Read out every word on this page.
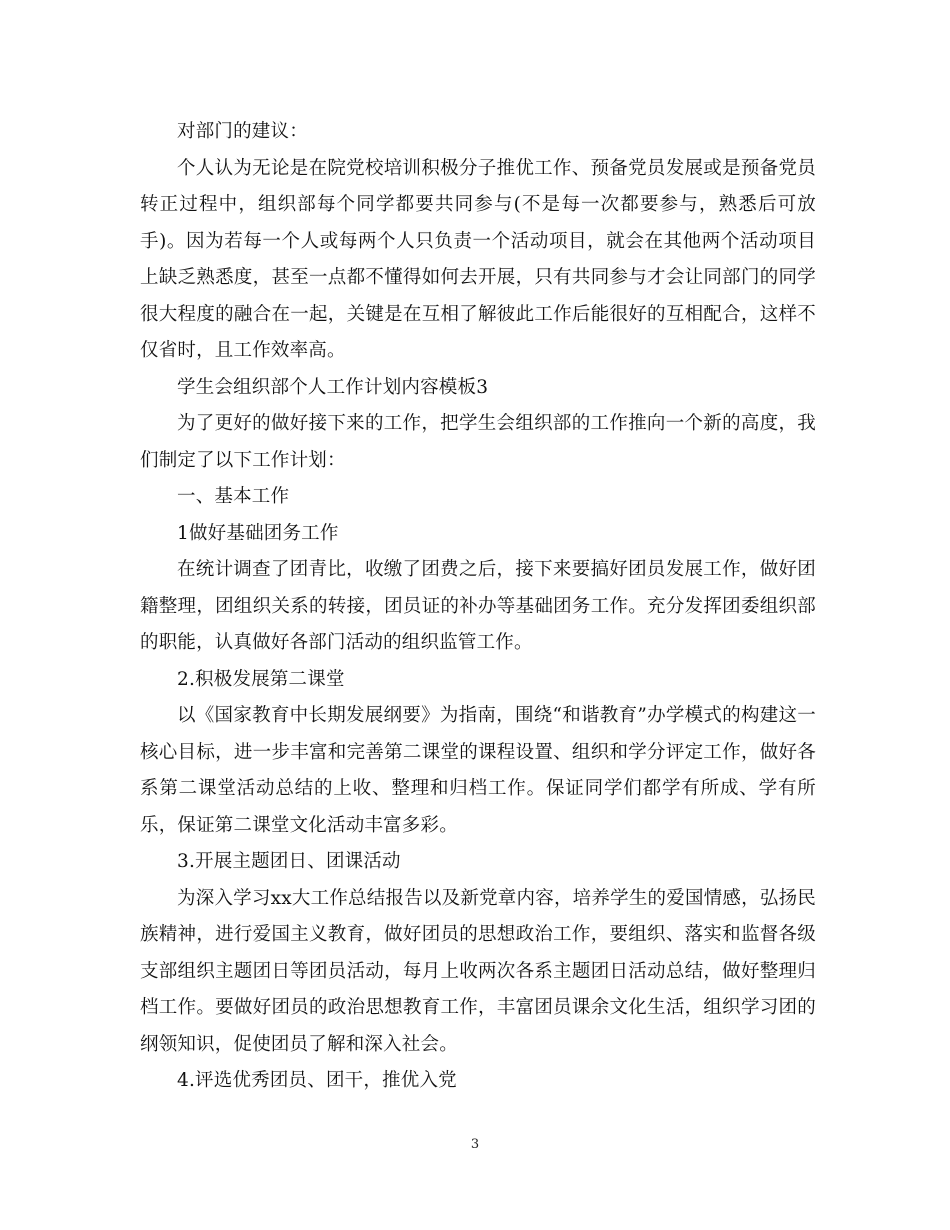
对部门的建议：

个人认为无论是在院党校培训积极分子推优工作、预备党员发展或是预备党员转正过程中，组织部每个同学都要共同参与(不是每一次都要参与，熟悉后可放手)。因为若每一个人或每两个人只负责一个活动项目，就会在其他两个活动项目上缺乏熟悉度，甚至一点都不懂得如何去开展，只有共同参与才会让同部门的同学很大程度的融合在一起，关键是在互相了解彼此工作后能很好的互相配合，这样不仅省时，且工作效率高。

学生会组织部个人工作计划内容模板3

为了更好的做好接下来的工作，把学生会组织部的工作推向一个新的高度，我们制定了以下工作计划：

一、基本工作

1做好基础团务工作

在统计调查了团青比，收缴了团费之后，接下来要搞好团员发展工作，做好团籍整理，团组织关系的转接，团员证的补办等基础团务工作。充分发挥团委组织部的职能，认真做好各部门活动的组织监管工作。

2.积极发展第二课堂

以《国家教育中长期发展纲要》为指南，围绕“和谐教育”办学模式的构建这一核心目标，进一步丰富和完善第二课堂的课程设置、组织和学分评定工作，做好各系第二课堂活动总结的上收、整理和归档工作。保证同学们都学有所成、学有所乐，保证第二课堂文化活动丰富多彩。

3.开展主题团日、团课活动

为深入学习xx大工作总结报告以及新党章内容，培养学生的爱国情感，弘扬民族精神，进行爱国主义教育，做好团员的思想政治工作，要组织、落实和监督各级支部组织主题团日等团员活动，每月上收两次各系主题团日活动总结，做好整理归档工作。要做好团员的政治思想教育工作，丰富团员课余文化生活，组织学习团的纲领知识，促使团员了解和深入社会。

4.评选优秀团员、团干，推优入党

3
